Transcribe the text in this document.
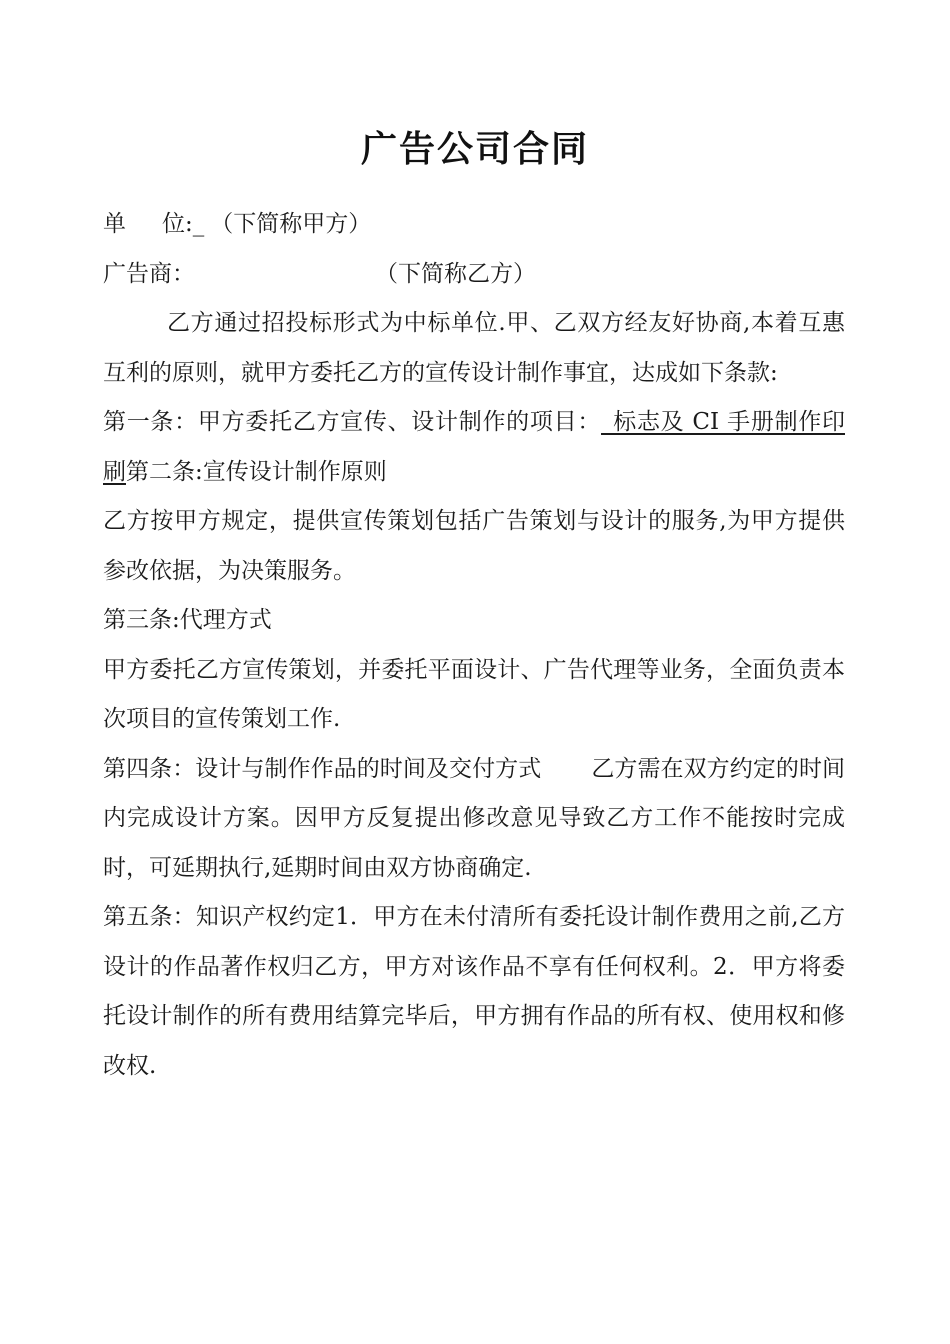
广告公司合同

单 位:_ （下简称甲方）

广告商：	（下简称乙方）

乙方通过招投标形式为中标单位.甲、乙双方经友好协商,本着互惠互利的原则，就甲方委托乙方的宣传设计制作事宜，达成如下条款:

第一条：甲方委托乙方宣传、设计制作的项目：_标志及 CI 手册制作印刷第二条:宣传设计制作原则

乙方按甲方规定，提供宣传策划包括广告策划与设计的服务,为甲方提供参改依据，为决策服务。

第三条:代理方式

甲方委托乙方宣传策划，并委托平面设计、广告代理等业务，全面负责本次项目的宣传策划工作.

第四条：设计与制作作品的时间及交付方式 乙方需在双方约定的时间内完成设计方案。因甲方反复提出修改意见导致乙方工作不能按时完成时，可延期执行,延期时间由双方协商确定.

第五条：知识产权约定1．甲方在未付清所有委托设计制作费用之前,乙方设计的作品著作权归乙方，甲方对该作品不享有任何权利。2．甲方将委托设计制作的所有费用结算完毕后，甲方拥有作品的所有权、使用权和修改权.
